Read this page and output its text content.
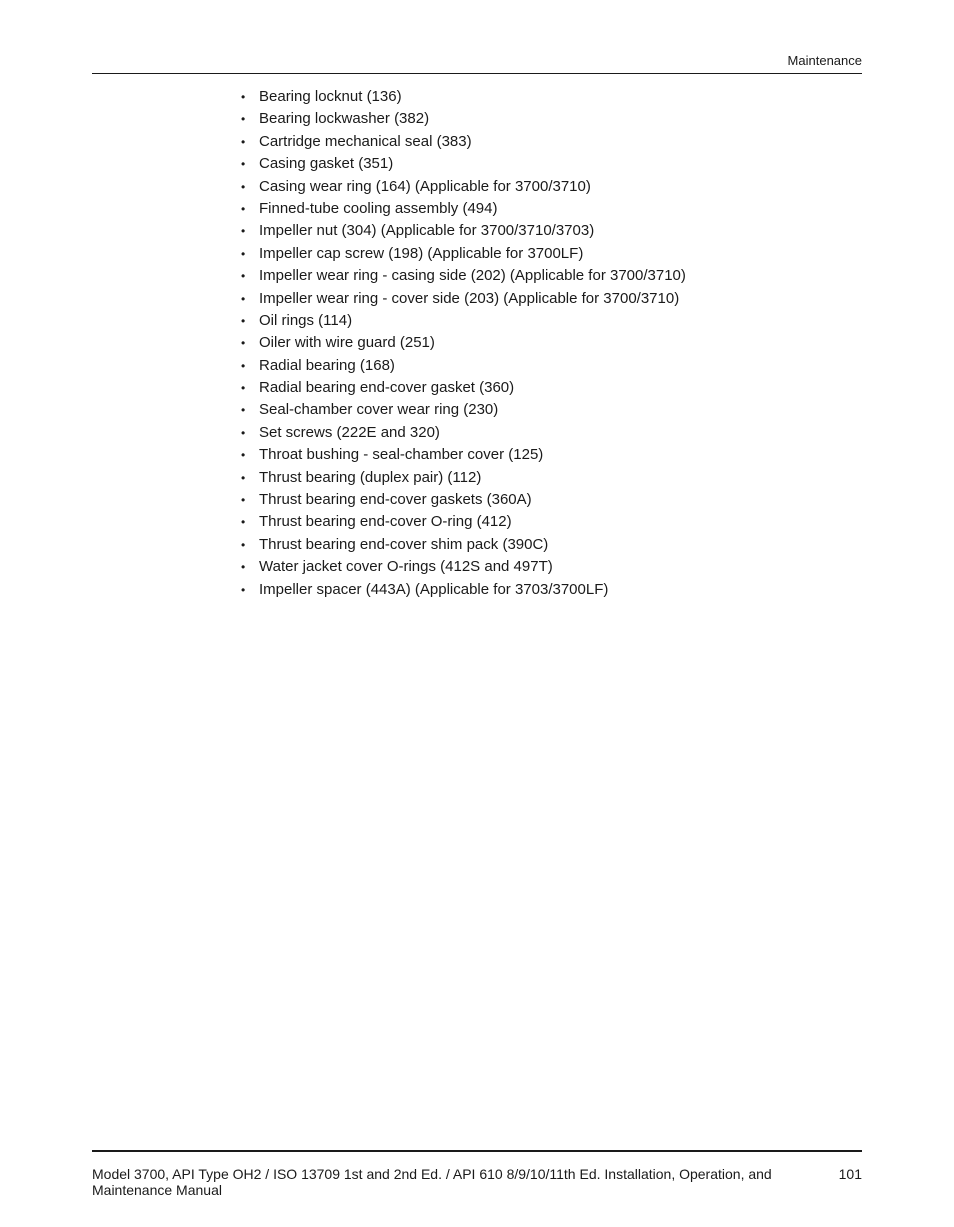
Maintenance
• Bearing locknut (136)
• Bearing lockwasher (382)
• Cartridge mechanical seal (383)
• Casing gasket (351)
• Casing wear ring (164) (Applicable for 3700/3710)
• Finned-tube cooling assembly (494)
• Impeller nut (304) (Applicable for 3700/3710/3703)
• Impeller cap screw (198) (Applicable for 3700LF)
• Impeller wear ring - casing side (202) (Applicable for 3700/3710)
• Impeller wear ring - cover side (203) (Applicable for 3700/3710)
• Oil rings (114)
• Oiler with wire guard (251)
• Radial bearing (168)
• Radial bearing end-cover gasket (360)
• Seal-chamber cover wear ring (230)
• Set screws (222E and 320)
• Throat bushing - seal-chamber cover (125)
• Thrust bearing (duplex pair) (112)
• Thrust bearing end-cover gaskets (360A)
• Thrust bearing end-cover O-ring (412)
• Thrust bearing end-cover shim pack (390C)
• Water jacket cover O-rings (412S and 497T)
• Impeller spacer (443A) (Applicable for 3703/3700LF)
Model 3700, API Type OH2 / ISO 13709 1st and 2nd Ed. / API 610 8/9/10/11th Ed. Installation, Operation, and Maintenance Manual
101
